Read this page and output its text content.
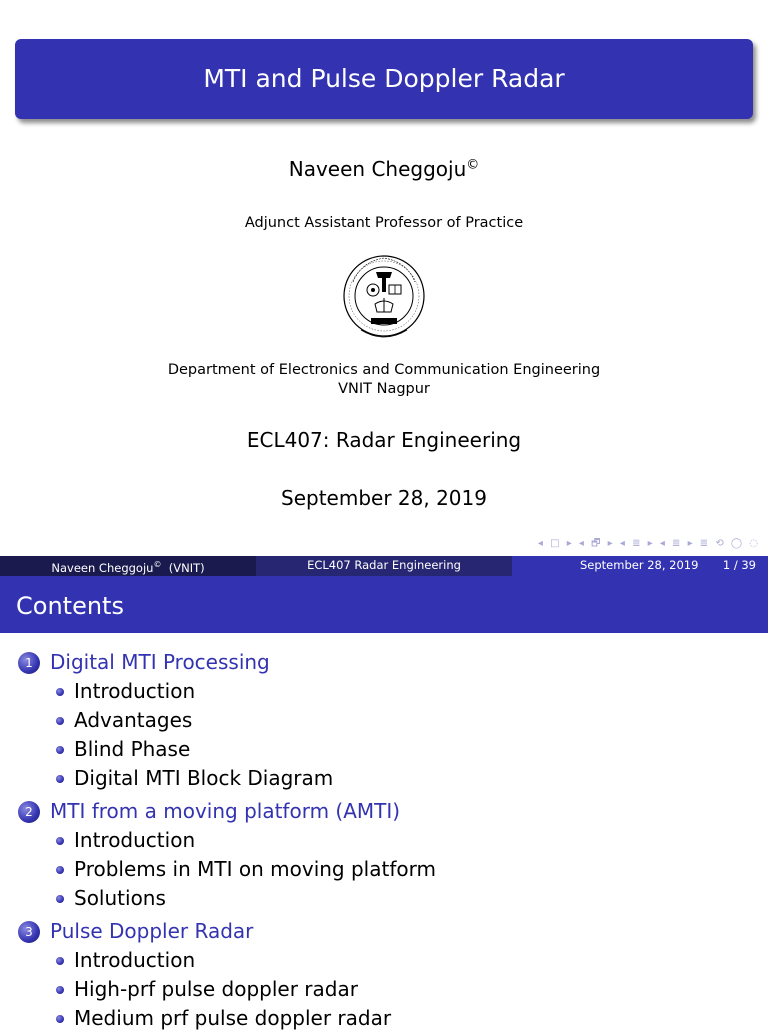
MTI and Pulse Doppler Radar
Naveen Cheggoju©
Adjunct Assistant Professor of Practice
Department of Electronics and Communication Engineering
VNIT Nagpur
ECL407: Radar Engineering
September 28, 2019
◂ □ ▸ ◂ 🗗 ▸ ◂ ≣ ▸ ◂ ≣ ▸ ≣ ⟲ ◯ ◌
Naveen Cheggoju© (VNIT)	ECL407 Radar Engineering	September 28, 2019 1 / 39
Contents
1 Digital MTI Processing
Introduction
Advantages
Blind Phase
Digital MTI Block Diagram
2 MTI from a moving platform (AMTI)
Introduction
Problems in MTI on moving platform
Solutions
3 Pulse Doppler Radar
Introduction
High-prf pulse doppler radar
Medium prf pulse doppler radar
